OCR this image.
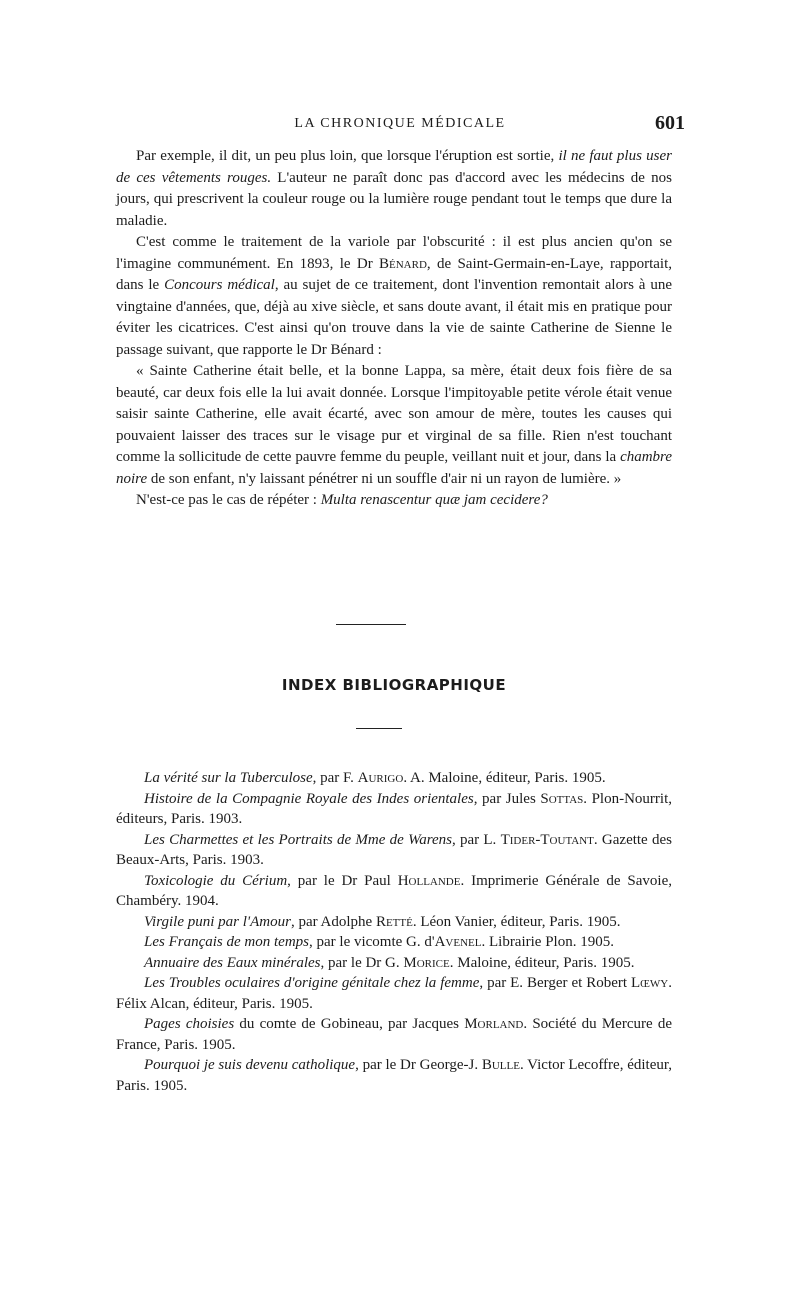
LA CHRONIQUE MÉDICALE	601

Par exemple, il dit, un peu plus loin, que lorsque l'éruption est sortie, il ne faut plus user de ces vêtements rouges. L'auteur ne paraît donc pas d'accord avec les médecins de nos jours, qui prescrivent la couleur rouge ou la lumière rouge pendant tout le temps que dure la maladie.

C'est comme le traitement de la variole par l'obscurité : il est plus ancien qu'on se l'imagine communément. En 1893, le Dr Bénard, de Saint-Germain-en-Laye, rapportait, dans le Concours médical, au sujet de ce traitement, dont l'invention remontait alors à une vingtaine d'années, que, déjà au xive siècle, et sans doute avant, il était mis en pratique pour éviter les cicatrices. C'est ainsi qu'on trouve dans la vie de sainte Catherine de Sienne le passage suivant, que rapporte le Dr Bénard :

« Sainte Catherine était belle, et la bonne Lappa, sa mère, était deux fois fière de sa beauté, car deux fois elle la lui avait donnée. Lorsque l'impitoyable petite vérole était venue saisir sainte Catherine, elle avait écarté, avec son amour de mère, toutes les causes qui pouvaient laisser des traces sur le visage pur et virginal de sa fille. Rien n'est touchant comme la sollicitude de cette pauvre femme du peuple, veillant nuit et jour, dans la chambre noire de son enfant, n'y laissant pénétrer ni un souffle d'air ni un rayon de lumière. »

N'est-ce pas le cas de répéter : Multa renascentur quæ jam cecidere?

INDEX BIBLIOGRAPHIQUE

La vérité sur la Tuberculose, par F. Aurigo. A. Maloine, éditeur, Paris. 1905.

Histoire de la Compagnie Royale des Indes orientales, par Jules Sottas. Plon-Nourrit, éditeurs, Paris. 1903.

Les Charmettes et les Portraits de Mme de Warens, par L. Tider-Toutant. Gazette des Beaux-Arts, Paris. 1903.

Toxicologie du Cérium, par le Dr Paul Hollande. Imprimerie Générale de Savoie, Chambéry. 1904.

Virgile puni par l'Amour, par Adolphe Retté. Léon Vanier, éditeur, Paris. 1905.

Les Français de mon temps, par le vicomte G. d'Avenel. Librairie Plon. 1905.

Annuaire des Eaux minérales, par le Dr G. Morice. Maloine, éditeur, Paris. 1905.

Les Troubles oculaires d'origine génitale chez la femme, par E. Berger et Robert Lœwy. Félix Alcan, éditeur, Paris. 1905.

Pages choisies du comte de Gobineau, par Jacques Morland. Société du Mercure de France, Paris. 1905.

Pourquoi je suis devenu catholique, par le Dr George-J. Bulle. Victor Lecoffre, éditeur, Paris. 1905.
